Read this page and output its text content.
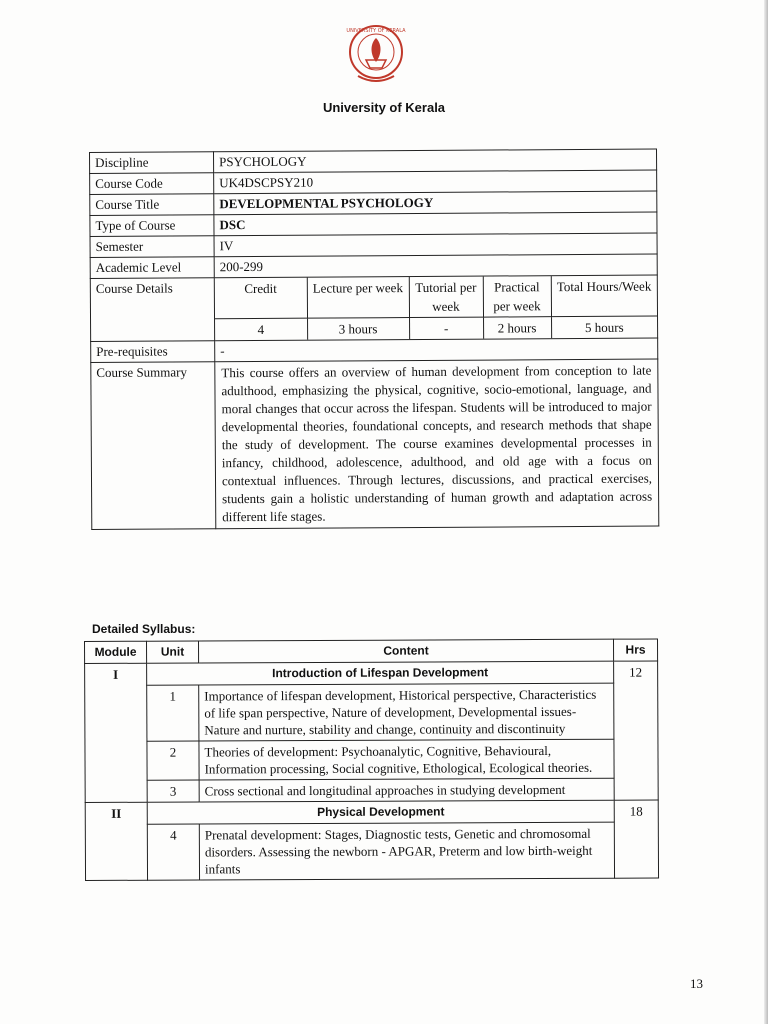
UNIVERSITY OF KERALA
University of Kerala
Discipline	PSYCHOLOGY
Course Code	UK4DSCPSY210
Course Title	DEVELOPMENTAL PSYCHOLOGY
Type of Course	DSC
Semester	IV
Academic Level	200-299
Course Details		Credit	Lecture per week	Tutorial per week	Practical per week	Total Hours/Week
4	3 hours	-	2 hours	5 hours

Pre-requisites	-
Course Summary	This course offers an overview of human development from conception to late adulthood, emphasizing the physical, cognitive, socio-emotional, language, and moral changes that occur across the lifespan. Students will be introduced to major developmental theories, foundational concepts, and research methods that shape the study of development. The course examines developmental processes in infancy, childhood, adolescence, adulthood, and old age with a focus on contextual influences. Through lectures, discussions, and practical exercises, students gain a holistic understanding of human growth and adaptation across different life stages.
Detailed Syllabus:
Module	Unit	Content	Hrs
I	Introduction of Lifespan Development		12
	1	Importance of lifespan development, Historical perspective, Characteristics of life span perspective, Nature of development, Developmental issues- Nature and nurture, stability and change, continuity and discontinuity	
	2	Theories of development: Psychoanalytic, Cognitive, Behavioural, Information processing, Social cognitive, Ethological, Ecological theories.	
	3	Cross sectional and longitudinal approaches in studying development	
II	Physical Development		18
	4	Prenatal development: Stages, Diagnostic tests, Genetic and chromosomal disorders. Assessing the newborn - APGAR, Preterm and low birth-weight infants	
13
